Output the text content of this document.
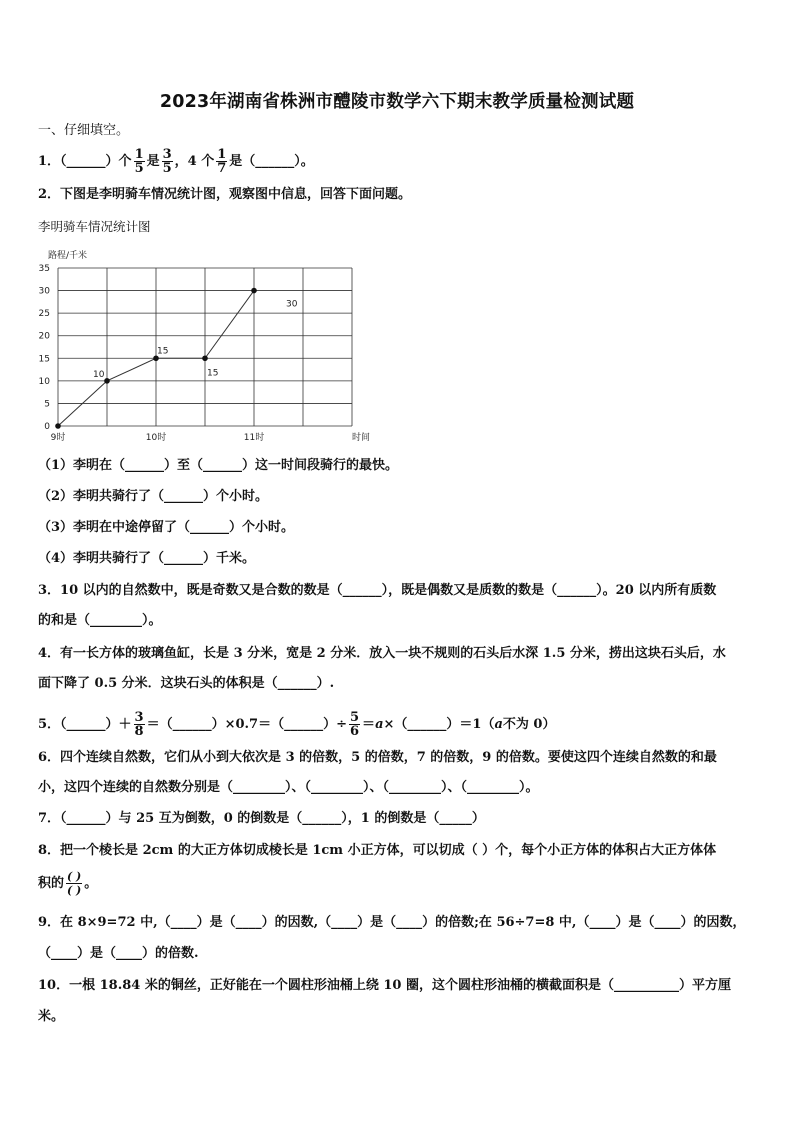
2023年湖南省株洲市醴陵市数学六下期末教学质量检测试题
一、仔细填空。
1．（______）个 $\frac{1}{5}$ 是 $\frac{3}{5}$ ，4 个 $\frac{1}{7}$ 是（______）。
2．下图是李明骑车情况统计图，观察图中信息，回答下面问题。
李明骑车情况统计图
0
5
10
15
20
25
30
35
9时	10时	11时
路程/千米
时间
10
15
15
30
（1）李明在（______）至（______）这一时间段骑行的最快。
（2）李明共骑行了（______）个小时。
（3）李明在中途停留了（______）个小时。
（4）李明共骑行了（______）千米。
3．10 以内的自然数中，既是奇数又是合数的数是（______），既是偶数又是质数的数是（______）。20 以内所有质数
的和是（________）。
4．有一长方体的玻璃鱼缸，长是 3 分米，宽是 2 分米．放入一块不规则的石头后水深 1.5 分米，捞出这块石头后，水
面下降了 0.5 分米．这块石头的体积是（______）.
5．（______）＋ $\frac{3}{8}$ ＝（______）×0.7＝（______）÷ $\frac{5}{6}$ ＝a×（______）＝1（a不为 0）
6．四个连续自然数，它们从小到大依次是 3 的倍数，5 的倍数，7 的倍数，9 的倍数。要使这四个连续自然数的和最
小，这四个连续的自然数分别是（________）、（________）、（________）、（________）。
7．（______）与 25 互为倒数，0 的倒数是（______），1 的倒数是（_____）
8．把一个棱长是 2cm 的大正方体切成棱长是 1cm 小正方体，可以切成（ ）个，每个小正方体的体积占大正方体体
积的 $\frac{( )}{( )}$ 。
9．在 8×9=72 中,（____）是（____）的因数,（____）是（____）的倍数;在 56÷7=8 中,（____）是（____）的因数，
（____）是（____）的倍数.
10．一根 18.84 米的铜丝，正好能在一个圆柱形油桶上绕 10 圈，这个圆柱形油桶的横截面积是（__________）平方厘
米。
